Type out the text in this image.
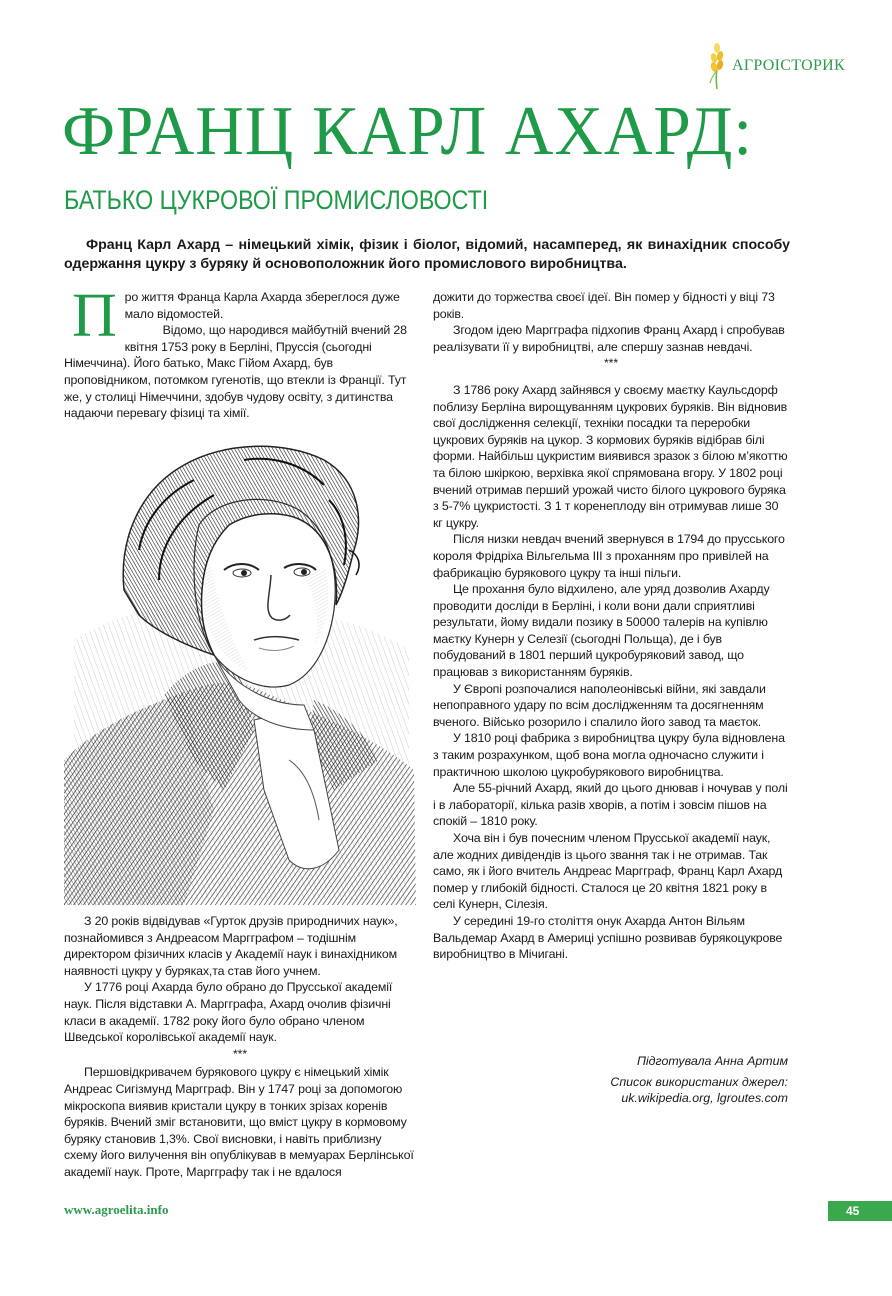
АГРОІСТОРИК
ФРАНЦ КАРЛ АХАРД:
БАТЬКО ЦУКРОВОЇ ПРОМИСЛОВОСТІ
Франц Карл Ахард – німецький хімік, фізик і біолог, відомий, насамперед, як винахідник способу одержання цукру з буряку й основоположник його промислового виробництва.
П ро життя Франца Карла Ахарда збереглося дуже мало відомостей.

Відомо, що народився майбутній вчений 28 квітня 1753 року в Берліні, Пруссія (сьогодні Німеччина). Його батько, Макс Гійом Ахард, був проповідником, потомком гугенотів, що втекли із Франції. Тут же, у столиці Німеччини, здобув чудову освіту, з дитинства надаючи перевагу фізиці та хімії.

З 20 років відвідував «Гурток друзів природничих наук», познайомився з Андреасом Маргграфом – тодішнім директором фізичних класів у Академії наук і винахідником наявності цукру у буряках,та став його учнем.

У 1776 році Ахарда було обрано до Прусської академії наук. Після відставки А. Маргграфа, Ахард очолив фізичні класи в академії. 1782 року його було обрано членом Шведської королівської академії наук.

***

Першовідкривачем бурякового цукру є німецький хімік Андреас Сигізмунд Маргграф. Він у 1747 році за допомогою мікроскопа виявив кристали цукру в тонких зрізах коренів буряків. Вчений зміг встановити, що вміст цукру в кормовому буряку становив 1,3%. Свої висновки, і навіть приблизну схему його вилучення він опублікував в мемуарах Берлінської академії наук. Проте, Маргграфу так і не вдалося

дожити до торжества своєї ідеї. Він помер у бідності у віці 73 років.

Згодом ідею Маргграфа підхопив Франц Ахард і спробував реалізувати її у виробництві, але спершу зазнав невдачі.

***

З 1786 року Ахард зайнявся у своєму маєтку Каульсдорф поблизу Берліна вирощуванням цукрових буряків. Він відновив свої дослідження селекції, техніки посадки та переробки цукрових буряків на цукор. З кормових буряків відібрав білі форми. Найбільш цукристим виявився зразок з білою м’якоттю та білою шкіркою, верхівка якої спрямована вгору. У 1802 році вчений отримав перший урожай чисто білого цукрового буряка з 5-7% цукристості. З 1 т коренеплоду він отримував лише 30 кг цукру.

Після низки невдач вчений звернувся в 1794 до прусського короля Фрідріха Вільгельма ІІІ з проханням про привілей на фабрикацію бурякового цукру та інші пільги.

Це прохання було відхилено, але уряд дозволив Ахарду проводити досліди в Берліні, і коли вони дали сприятливі результати, йому видали позику в 50000 талерів на купівлю маєтку Кунерн у Селезії (сьогодні Польща), де і був побудований в 1801 перший цукробуряковий завод, що працював з використанням буряків.

У Європі розпочалися наполеонівські війни, які завдали непоправного удару по всім дослідженням та досягненням вченого. Військо розорило і спалило його завод та маєток.

У 1810 році фабрика з виробництва цукру була відновлена з таким розрахунком, щоб вона могла одночасно служити і практичною школою цукробурякового виробництва.

Але 55-річний Ахард, який до цього днював і ночував у полі і в лабораторії, кілька разів хворів, а потім і зовсім пішов на спокій – 1810 року.

Хоча він і був почесним членом Прусської академії наук, але жодних дивідендів із цього звання так і не отримав. Так само, як і його вчитель Андреас Маргграф, Франц Карл Ахард помер у глибокій бідності. Сталося це 20 квітня 1821 року в селі Кунерн, Сілезія.

У середині 19-го століття онук Ахарда Антон Вільям Вальдемар Ахард в Америці успішно розвивав бурякоцукрове виробництво в Мічигані.

Підготувала Анна Артим
Список використаних джерел:
uk.wikipedia.org, lgroutes.com
www.agroelita.info	45
